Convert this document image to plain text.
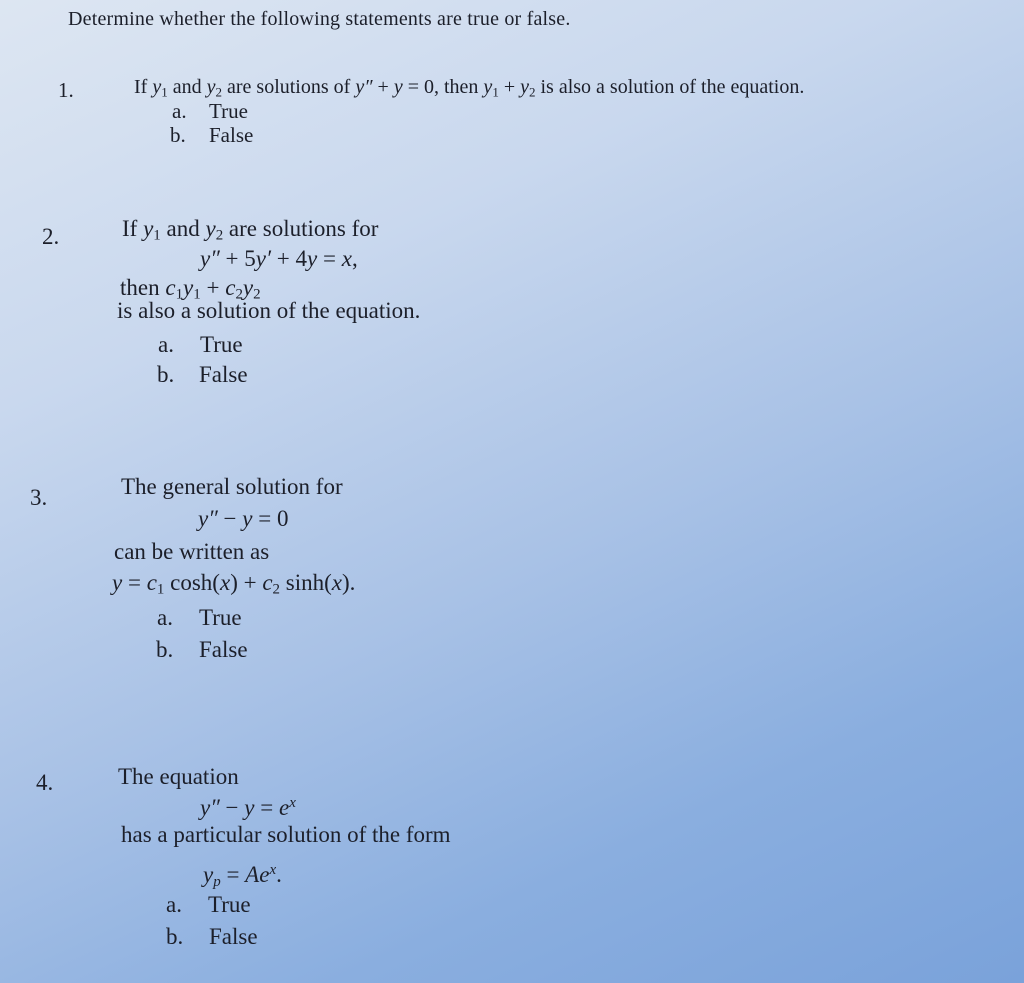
Determine whether the following statements are true or false.
1.	If $y_1$ and $y_2$ are solutions of y″ + y = 0, then $y_1 + y_2$ is also a solution of the equation.
a. True
b. False
2.	If $y_1$ and $y_2$ are solutions for
y″ + 5y′ + 4y = x,
then $c_1y_1 + c_2y_2$
is also a solution of the equation.
a. True
b. False
3.	The general solution for
y″ − y = 0
can be written as
$y = c_1$ $\cosh(x) + c_2$ sinh(x).
a. True
b. False
4.	The equation
$y'' - y = e^x$
has a particular solution of the form
$y_p = Ae^x$.
a. True
b. False
